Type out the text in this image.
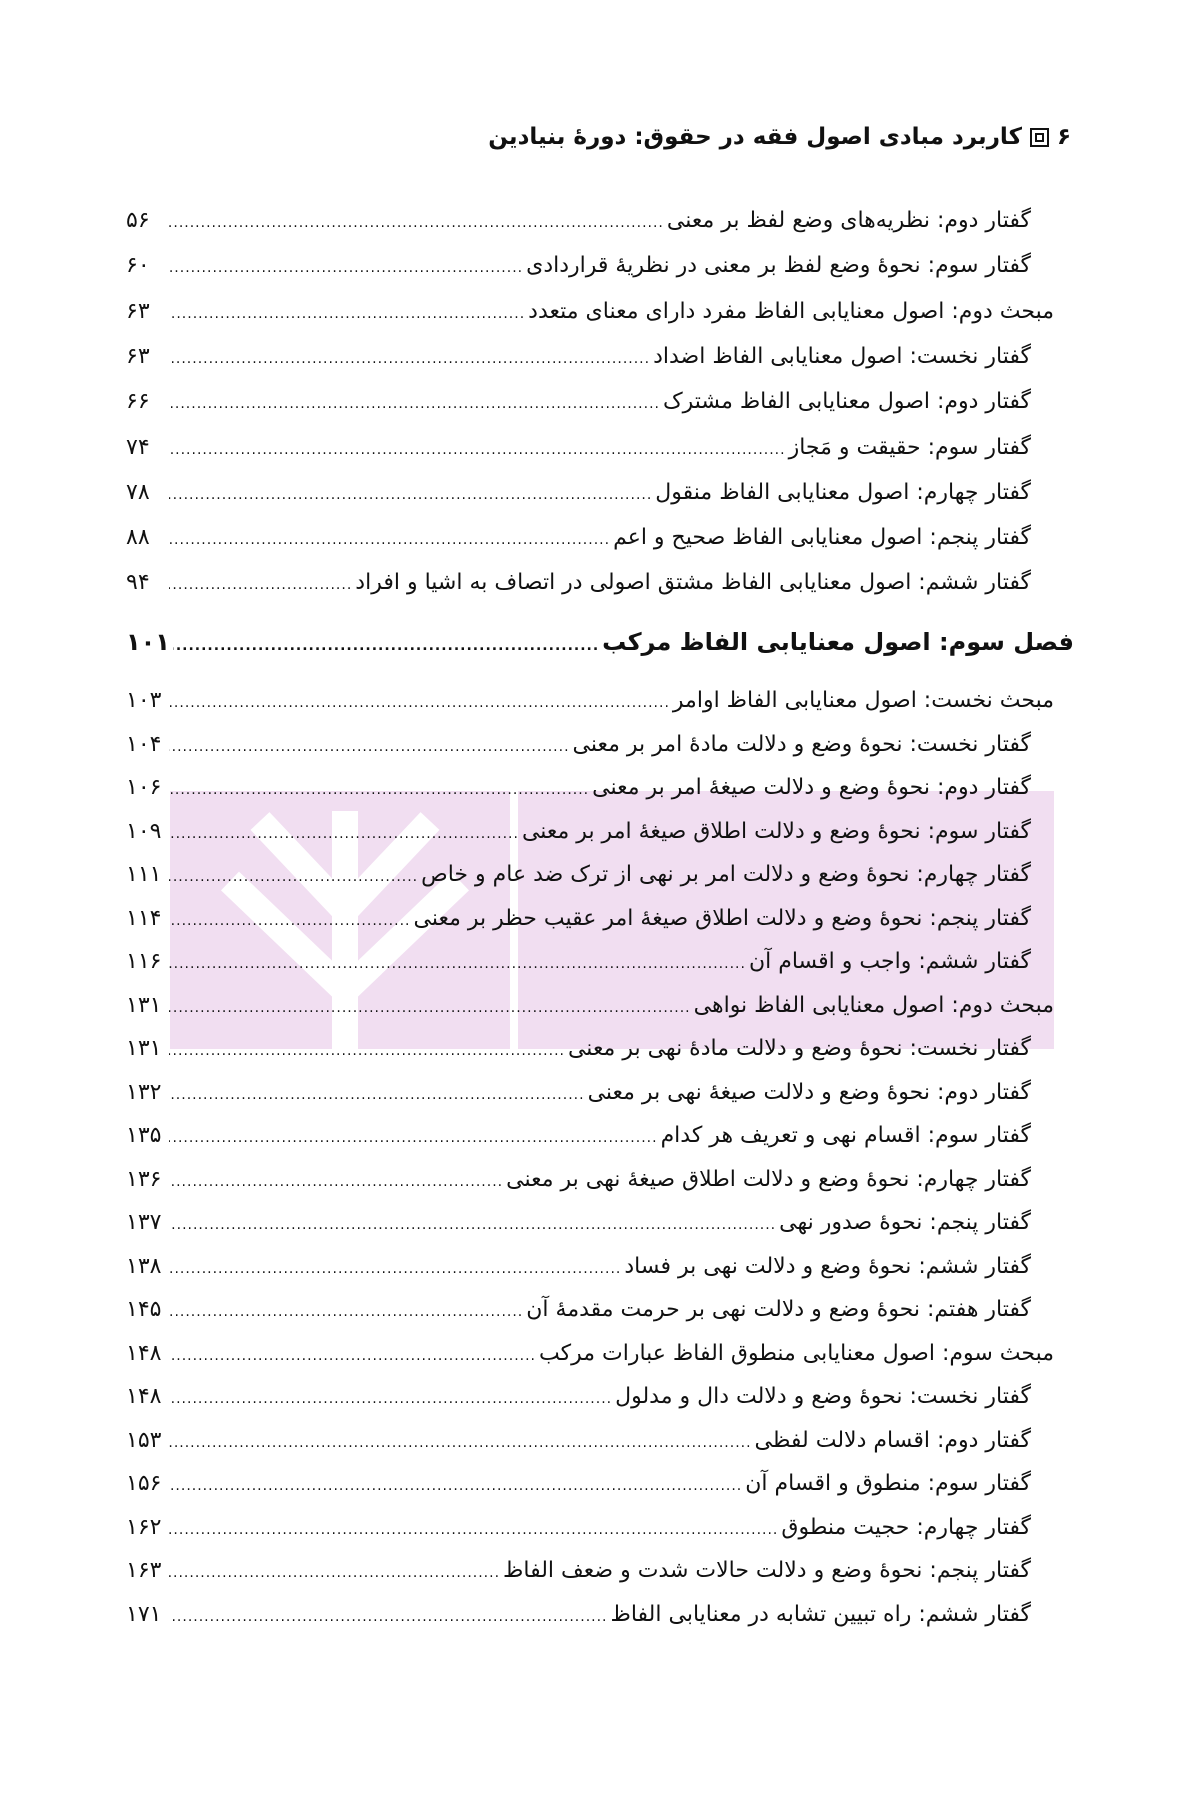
۶
کاربرد مبادی اصول فقه در حقوق: دورهٔ بنیادین
گفتار دوم: نظریه‌های وضع لفظ بر معنی
.....
۵۶
گفتار سوم: نحوهٔ وضع لفظ بر معنی در نظریهٔ قراردادی
.....
۶۰
مبحث دوم: اصول معنایابی الفاظ مفرد دارای معنای متعدد
.....
۶۳
گفتار نخست: اصول معنایابی الفاظ اضداد
.....
۶۳
گفتار دوم: اصول معنایابی الفاظ مشترک
.....
۶۶
گفتار سوم: حقیقت و مَجاز
.....
۷۴
گفتار چهارم: اصول معنایابی الفاظ منقول
.....
۷۸
گفتار پنجم: اصول معنایابی الفاظ صحیح و اعم
.....
۸۸
گفتار ششم: اصول معنایابی الفاظ مشتق اصولی در اتصاف به اشیا و افراد
.....
۹۴
فصل سوم: اصول معنایابی الفاظ مرکب
.....
۱۰۱
مبحث نخست: اصول معنایابی الفاظ اوامر
.....
۱۰۳
گفتار نخست: نحوهٔ وضع و دلالت مادهٔ امر بر معنی
.....
۱۰۴
گفتار دوم: نحوهٔ وضع و دلالت صیغهٔ امر بر معنی
.....
۱۰۶
گفتار سوم: نحوهٔ وضع و دلالت اطلاق صیغهٔ امر بر معنی
.....
۱۰۹
گفتار چهارم: نحوهٔ وضع و دلالت امر بر نهی از ترک ضد عام و خاص
.....
۱۱۱
گفتار پنجم: نحوهٔ وضع و دلالت اطلاق صیغهٔ امر عقیب حظر بر معنی
.....
۱۱۴
گفتار ششم: واجب و اقسام آن
.....
۱۱۶
مبحث دوم: اصول معنایابی الفاظ نواهی
.....
۱۳۱
گفتار نخست: نحوهٔ وضع و دلالت مادهٔ نهی بر معنی
.....
۱۳۱
گفتار دوم: نحوهٔ وضع و دلالت صیغهٔ نهی بر معنی
.....
۱۳۲
گفتار سوم: اقسام نهی و تعریف هر کدام
.....
۱۳۵
گفتار چهارم: نحوهٔ وضع و دلالت اطلاق صیغهٔ نهی بر معنی
.....
۱۳۶
گفتار پنجم: نحوهٔ صدور نهی
.....
۱۳۷
گفتار ششم: نحوهٔ وضع و دلالت نهی بر فساد
.....
۱۳۸
گفتار هفتم: نحوهٔ وضع و دلالت نهی بر حرمت مقدمهٔ آن
.....
۱۴۵
مبحث سوم: اصول معنایابی منطوق الفاظ عبارات مرکب
.....
۱۴۸
گفتار نخست: نحوهٔ وضع و دلالت دال و مدلول
.....
۱۴۸
گفتار دوم: اقسام دلالت لفظی
.....
۱۵۳
گفتار سوم: منطوق و اقسام آن
.....
۱۵۶
گفتار چهارم: حجیت منطوق
.....
۱۶۲
گفتار پنجم: نحوهٔ وضع و دلالت حالات شدت و ضعف الفاظ
.....
۱۶۳
گفتار ششم: راه تبیین تشابه در معنایابی الفاظ
.....
۱۷۱
